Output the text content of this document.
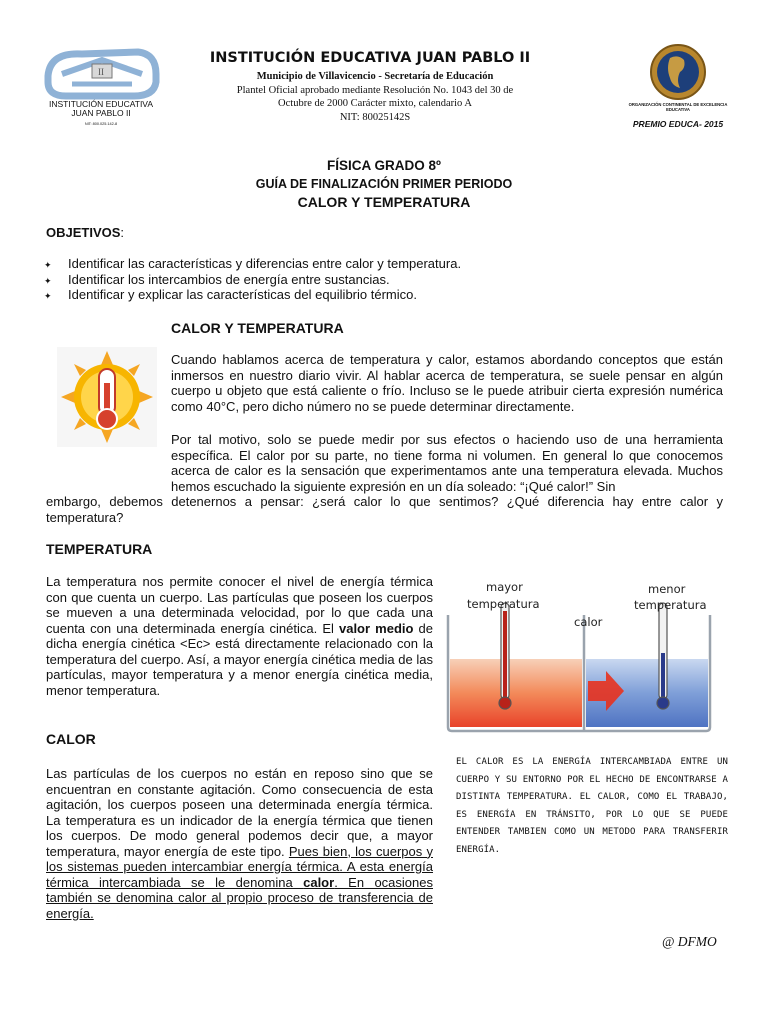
II
INSTITUCIÓN EDUCATIVA
JUAN PABLO II
NIT: 800.025.142-8
INSTITUCIÓN EDUCATIVA JUAN PABLO II
Municipio de Villavicencio - Secretaría de Educación
Plantel Oficial aprobado mediante Resolución No. 1043 del 30 de
Octubre de 2000 Carácter mixto, calendario A
NIT: 80025142S
ORGANIZACIÓN CONTINENTAL DE EXCELENCIA EDUCATIVA
PREMIO EDUCA- 2015
FÍSICA GRADO 8º
GUÍA DE FINALIZACIÓN PRIMER PERIODO
CALOR Y TEMPERATURA
OBJETIVOS:
✦ Identificar las características y diferencias entre calor y temperatura.
✦ Identificar los intercambios de energía entre sustancias.
✦ Identificar y explicar las características del equilibrio térmico.
CALOR Y TEMPERATURA
Cuando hablamos acerca de temperatura y calor, estamos abordando conceptos que están inmersos en nuestro diario vivir. Al hablar acerca de temperatura, se suele pensar en algún cuerpo u objeto que está caliente o frío. Incluso se le puede atribuir cierta expresión numérica como 40°C, pero dicho número no se puede determinar directamente.
Por tal motivo, solo se puede medir por sus efectos o haciendo uso de una herramienta específica. El calor por su parte, no tiene forma ni volumen. En general lo que conocemos acerca de calor es la sensación que experimentamos ante una temperatura elevada. Muchos hemos escuchado la siguiente expresión en un día soleado: “¡Qué calor!” Sin
embargo, debemos detenernos a pensar: ¿será calor lo que sentimos? ¿Qué diferencia hay entre calor y temperatura?
TEMPERATURA
La temperatura nos permite conocer el nivel de energía térmica con que cuenta un cuerpo. Las partículas que poseen los cuerpos se mueven a una determinada velocidad, por lo que cada una cuenta con una determinada energía cinética. El valor medio de dicha energía cinética <Ec> está directamente relacionado con la temperatura del cuerpo. Así, a mayor energía cinética media de las partículas, mayor temperatura y a menor energía cinética media, menor temperatura.
CALOR
Las partículas de los cuerpos no están en reposo sino que se encuentran en constante agitación. Como consecuencia de esta agitación, los cuerpos poseen una determinada energía térmica. La temperatura es un indicador de la energía térmica que tienen los cuerpos. De modo general podemos decir que, a mayor temperatura, mayor energía de este tipo. Pues bien, los cuerpos y los sistemas pueden intercambiar energía térmica. A esta energía térmica intercambiada se le denomina calor. En ocasiones también se denomina calor al propio proceso de transferencia de energía.
mayor
temperatura
calor
menor
temperatura
EL CALOR ES LA ENERGÍA INTERCAMBIADA ENTRE UN CUERPO Y SU ENTORNO POR EL HECHO DE ENCONTRARSE A DISTINTA TEMPERATURA. EL CALOR, COMO EL TRABAJO, ES ENERGÍA EN TRÁNSITO, POR LO QUE SE PUEDE ENTENDER TAMBIEN COMO UN METODO PARA TRANSFERIR ENERGÍA.
@ DFMO
